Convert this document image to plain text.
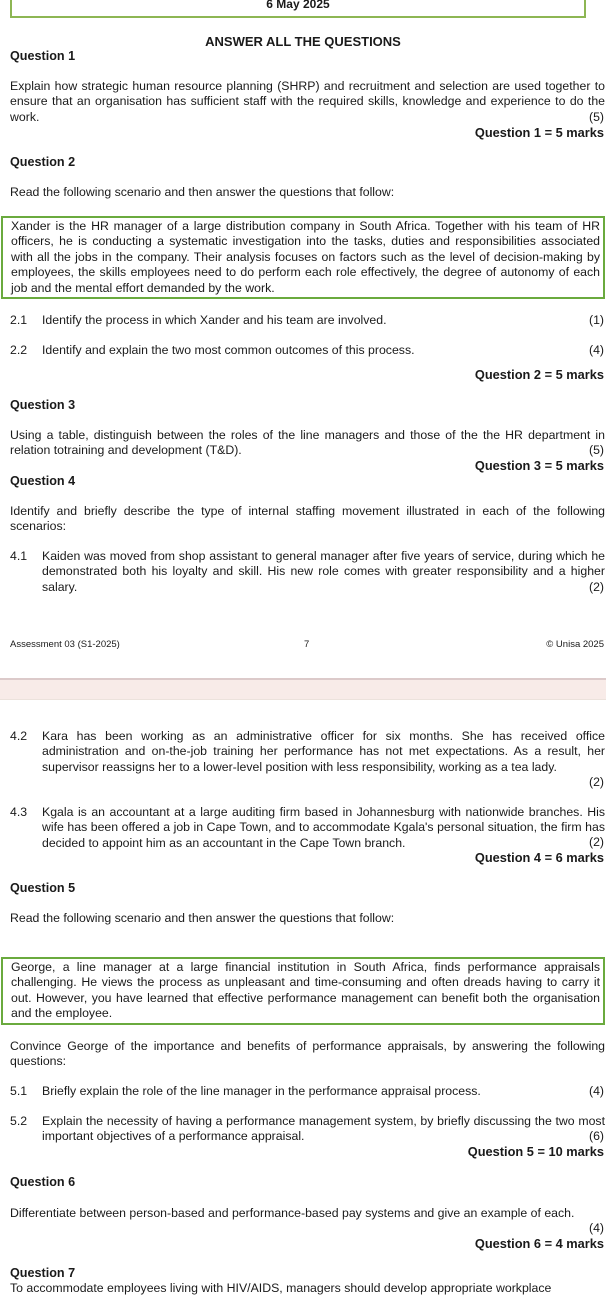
6 May 2025
ANSWER ALL THE QUESTIONS
Question 1
Explain how strategic human resource planning (SHRP) and recruitment and selection are used together to ensure that an organisation has sufficient staff with the required skills, knowledge and experience to do the work.	(5)
Question 1 = 5 marks
Question 2
Read the following scenario and then answer the questions that follow:
Xander is the HR manager of a large distribution company in South Africa. Together with his team of HR officers, he is conducting a systematic investigation into the tasks, duties and responsibilities associated with all the jobs in the company. Their analysis focuses on factors such as the level of decision-making by employees, the skills employees need to do perform each role effectively, the degree of autonomy of each job and the mental effort demanded by the work.
2.1	Identify the process in which Xander and his team are involved.	(1)
2.2	Identify and explain the two most common outcomes of this process.	(4)
Question 2 = 5 marks
Question 3
Using a table, distinguish between the roles of the line managers and those of the the HR department in relation totraining and development (T&D).	(5)
Question 3 = 5 marks
Question 4
Identify and briefly describe the type of internal staffing movement illustrated in each of the following scenarios:
4.1	Kaiden was moved from shop assistant to general manager after five years of service, during which he demonstrated both his loyalty and skill. His new role comes with greater responsibility and a higher salary.	(2)
Assessment 03 (S1-2025)	7	© Unisa 2025
4.2	Kara has been working as an administrative officer for six months. She has received office administration and on-the-job training her performance has not met expectations. As a result, her supervisor reassigns her to a lower-level position with less responsibility, working as a tea lady.
(2)
4.3	Kgala is an accountant at a large auditing firm based in Johannesburg with nationwide branches. His wife has been offered a job in Cape Town, and to accommodate Kgala's personal situation, the firm has decided to appoint him as an accountant in the Cape Town branch.	(2)
Question 4 = 6 marks
Question 5
Read the following scenario and then answer the questions that follow:
George, a line manager at a large financial institution in South Africa, finds performance appraisals challenging. He views the process as unpleasant and time-consuming and often dreads having to carry it out. However, you have learned that effective performance management can benefit both the organisation and the employee.
Convince George of the importance and benefits of performance appraisals, by answering the following questions:
5.1	Briefly explain the role of the line manager in the performance appraisal process.	(4)
5.2	Explain the necessity of having a performance management system, by briefly discussing the two most important objectives of a performance appraisal.	(6)
Question 5 = 10 marks
Question 6
Differentiate between person-based and performance-based pay systems and give an example of each.
(4)
Question 6 = 4 marks
Question 7
To accommodate employees living with HIV/AIDS, managers should develop appropriate workplace
